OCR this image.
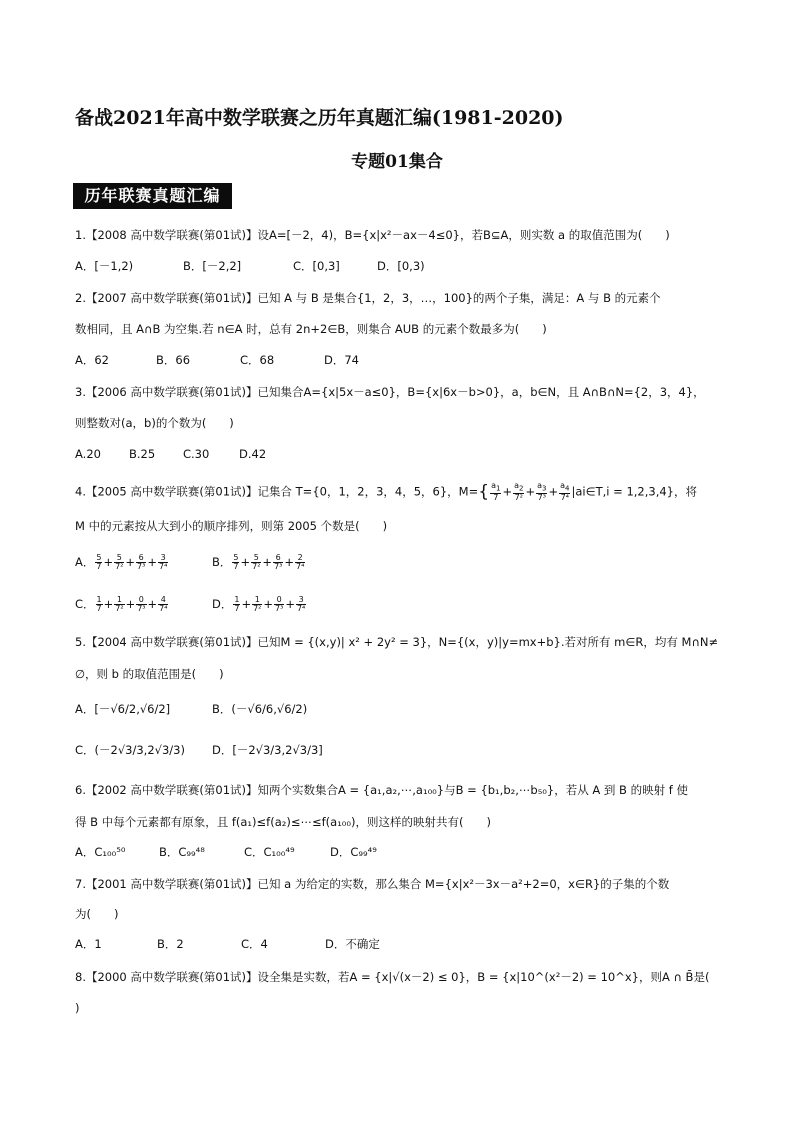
备战2021年高中数学联赛之历年真题汇编(1981-2020)
专题01集合
历年联赛真题汇编
1.【2008 高中数学联赛(第01试)】设A=[－2，4)，B={x|x²－ax－4≤0}，若B⊆A，则实数 a 的取值范围为(　　)
A．[－1,2)	B．[－2,2]	C．[0,3]	D．[0,3)
2.【2007 高中数学联赛(第01试)】已知 A 与 B 是集合{1，2，3，…，100}的两个子集，满足：A 与 B 的元素个
数相同，且 A∩B 为空集.若 n∈A 时，总有 2n+2∈B，则集合 AUB 的元素个数最多为(　　)
A．62	B．66	C．68	D．74
3.【2006 高中数学联赛(第01试)】已知集合A={x|5x－a≤0}，B={x|6x－b>0}，a，b∈N，且 A∩B∩N={2，3，4}，
则整数对(a，b)的个数为(　　)
A.20 B.25 C.30	D.42
4.【2005 高中数学联赛(第01试)】记集合 T={0，1，2，3，4，5，6}，$M=\{ \frac{a_1}{7} + \frac{a_2}{\text{7²}} + \frac{a_3}{\text{7³}} + \frac{a_4}{\text{7⁴}}$ |ai∈T,i = 1,2,3,4}，将
M 中的元素按从大到小的顺序排列，则第 2005 个数是(　　)
A． $\frac{5}{7} + \frac{5}{\text{7²}} + \frac{6}{\text{7³}} + \frac{3}{\text{7⁴}}$	B． $\frac{5}{7} + \frac{5}{\text{7²}} + \frac{6}{\text{7³}} + \frac{2}{\text{7⁴}}$
C． $\frac{1}{7} + \frac{1}{\text{7²}} + \frac{0}{\text{7³}} + \frac{4}{\text{7⁴}}$	D． $\frac{1}{7} + \frac{1}{\text{7²}} + \frac{0}{\text{7³}} + \frac{3}{\text{7⁴}}$
5.【2004 高中数学联赛(第01试)】已知M = {(x,y)| x² + 2y² = 3}，N={(x，y)|y=mx+b}.若对所有 m∈R，均有 M∩N≠
∅，则 b 的取值范围是(　　)
A．[－√6/2,√6/2]	B．(－√6/6,√6/2)
C．(－2√3/3,2√3/3) D．[－2√3/3,2√3/3]
6.【2002 高中数学联赛(第01试)】知两个实数集合A = {a₁,a₂,⋯,a₁₀₀}与B = {b₁,b₂,⋯b₅₀}，若从 A 到 B 的映射 f 使
得 B 中每个元素都有原象，且 f(a₁)≤f(a₂)≤⋯≤f(a₁₀₀)，则这样的映射共有(　　)
A．C₁₀₀⁵⁰	B．C₉₉⁴⁸	C．C₁₀₀⁴⁹	D．C₉₉⁴⁹
7.【2001 高中数学联赛(第01试)】已知 a 为给定的实数，那么集合 M={x|x²－3x－a²+2=0，x∈R}的子集的个数
为(　　)
A．1	B．2	C．4	D．不确定
8.【2000 高中数学联赛(第01试)】设全集是实数，若A = {x|√(x－2) ≤ 0}，B = {x|10^(x²－2) = 10^x}，则A ∩ B̄是(
)
